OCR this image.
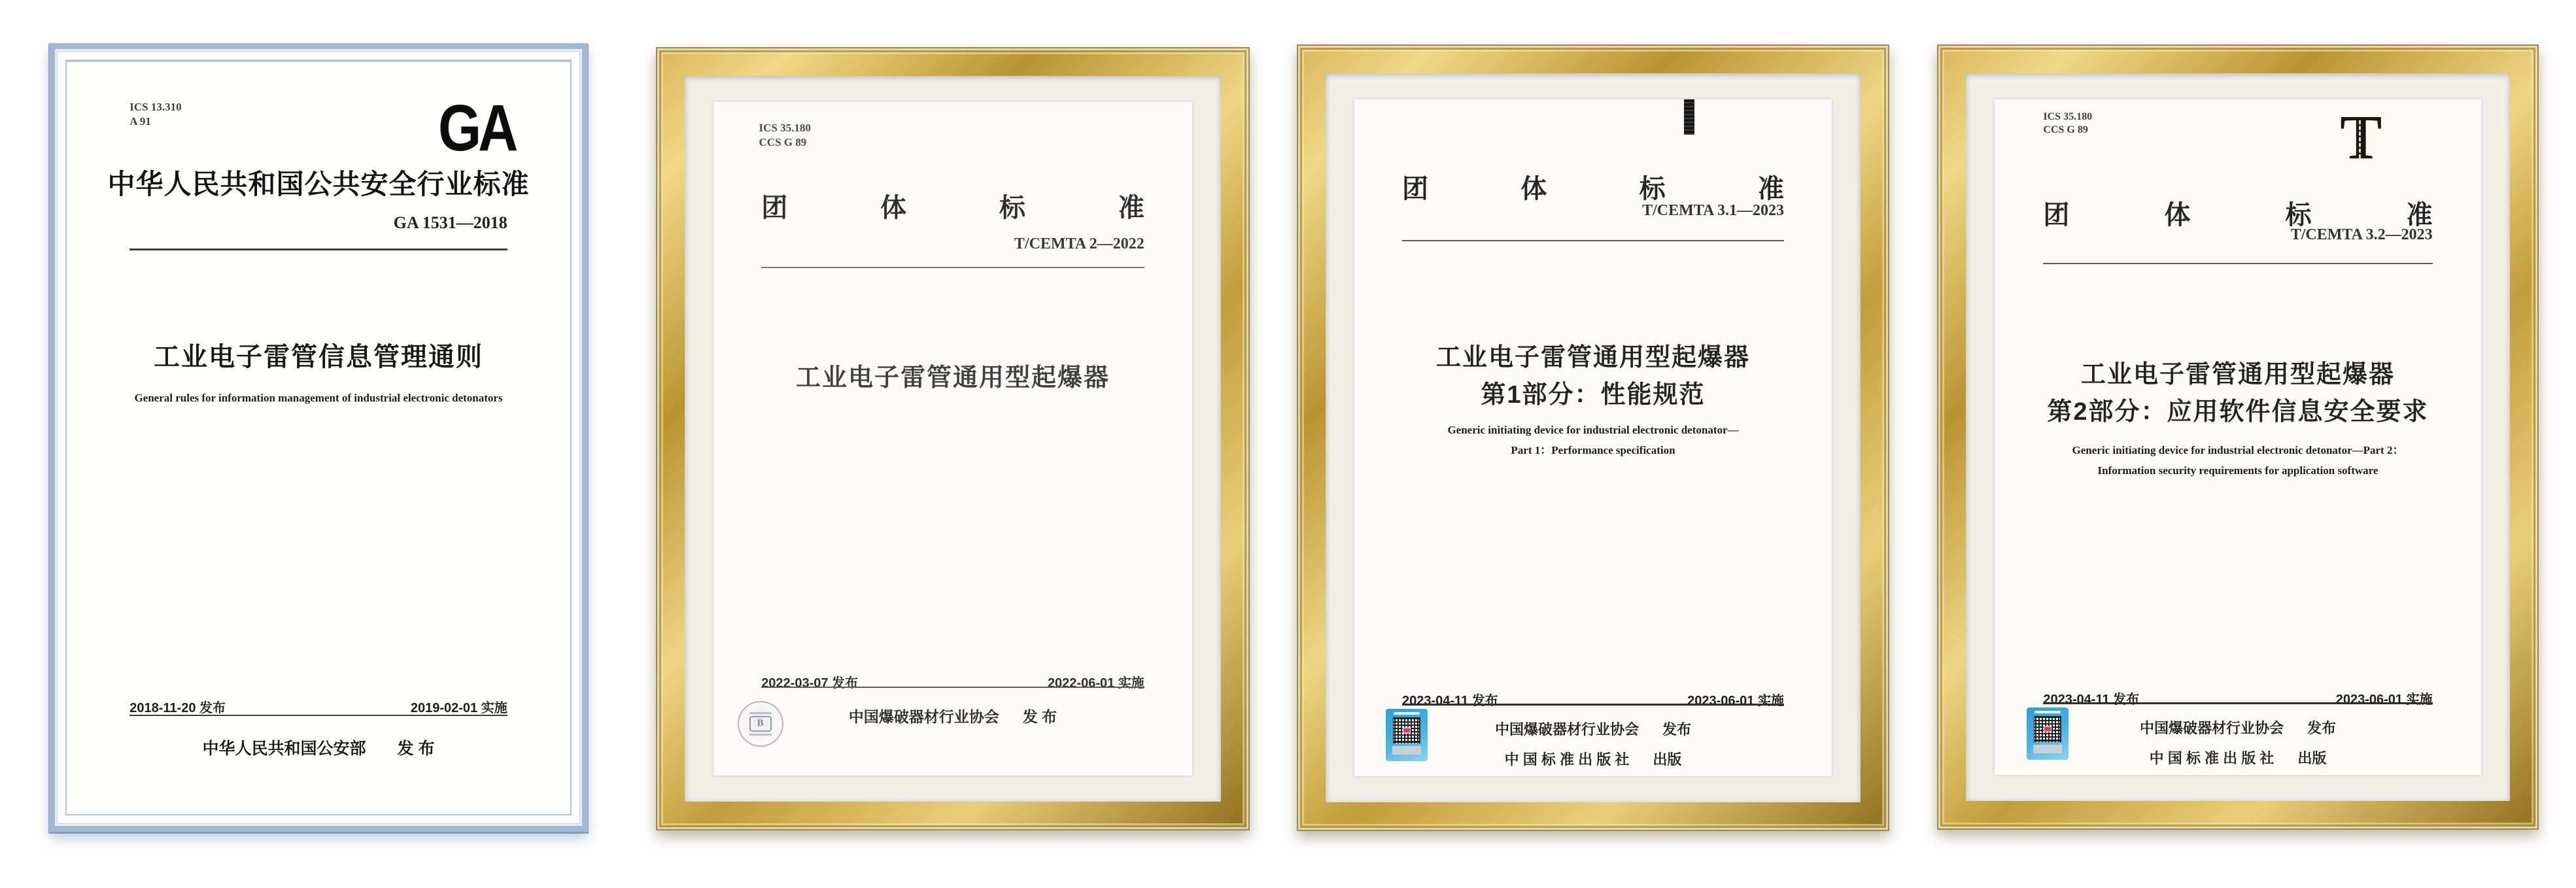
ICS 13.310
A 91	GA
中华人民共和国公共安全行业标准
GA 1531—2018
工业电子雷管信息管理通则
General rules for information management of industrial electronic detonators
2018-11-20 发布	2019-02-01 实施
中华人民共和国公安部 发 布
ICS 35.180
CCS G 89
团	体	标	准
T/CEMTA 2—2022
工业电子雷管通用型起爆器
2022-03-07 发布	2022-06-01 实施
中国爆破器材行业协会 发 布
B
团	体	标	准
T/CEMTA 3.1—2023
工业电子雷管通用型起爆器
第1部分：性能规范
Generic initiating device for industrial electronic detonator—
Part 1：Performance specification
2023-04-11 发布	2023-06-01 实施
中国爆破器材行业协会 发布
中 国 标 准 出 版 社 出版
ICS 35.180
CCS G 89	T
团	体	标	准
T/CEMTA 3.2—2023
工业电子雷管通用型起爆器
第2部分：应用软件信息安全要求
Generic initiating device for industrial electronic detonator—Part 2：
Information security requirements for application software
2023-04-11 发布	2023-06-01 实施
中国爆破器材行业协会 发布
中 国 标 准 出 版 社 出版
